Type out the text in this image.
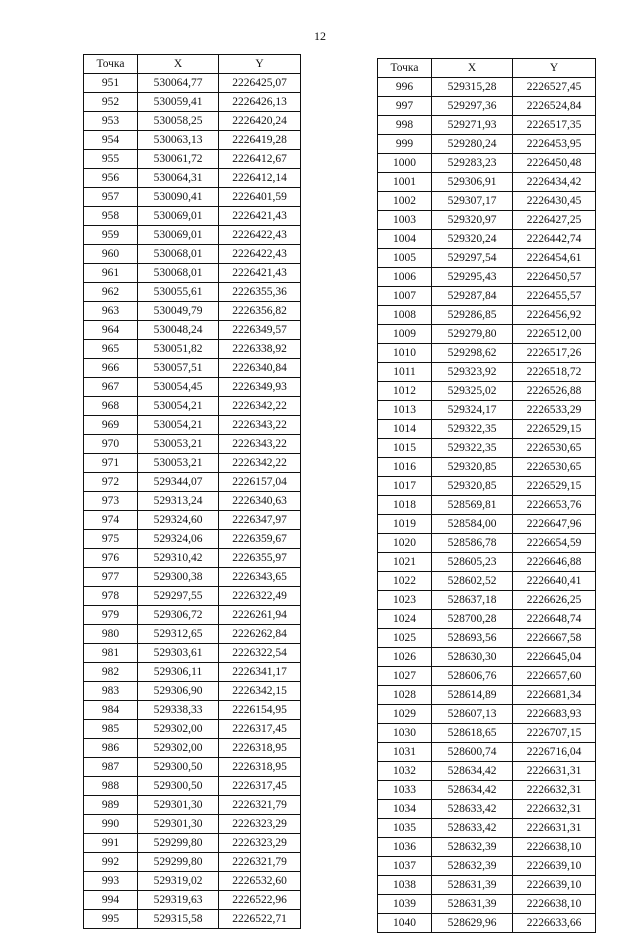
12
Точка	X	Y
951	530064,77	2226425,07
952	530059,41	2226426,13
953	530058,25	2226420,24
954	530063,13	2226419,28
955	530061,72	2226412,67
956	530064,31	2226412,14
957	530090,41	2226401,59
958	530069,01	2226421,43
959	530069,01	2226422,43
960	530068,01	2226422,43
961	530068,01	2226421,43
962	530055,61	2226355,36
963	530049,79	2226356,82
964	530048,24	2226349,57
965	530051,82	2226338,92
966	530057,51	2226340,84
967	530054,45	2226349,93
968	530054,21	2226342,22
969	530054,21	2226343,22
970	530053,21	2226343,22
971	530053,21	2226342,22
972	529344,07	2226157,04
973	529313,24	2226340,63
974	529324,60	2226347,97
975	529324,06	2226359,67
976	529310,42	2226355,97
977	529300,38	2226343,65
978	529297,55	2226322,49
979	529306,72	2226261,94
980	529312,65	2226262,84
981	529303,61	2226322,54
982	529306,11	2226341,17
983	529306,90	2226342,15
984	529338,33	2226154,95
985	529302,00	2226317,45
986	529302,00	2226318,95
987	529300,50	2226318,95
988	529300,50	2226317,45
989	529301,30	2226321,79
990	529301,30	2226323,29
991	529299,80	2226323,29
992	529299,80	2226321,79
993	529319,02	2226532,60
994	529319,63	2226522,96
995	529315,58	2226522,71
Точка	X	Y
996	529315,28	2226527,45
997	529297,36	2226524,84
998	529271,93	2226517,35
999	529280,24	2226453,95
1000	529283,23	2226450,48
1001	529306,91	2226434,42
1002	529307,17	2226430,45
1003	529320,97	2226427,25
1004	529320,24	2226442,74
1005	529297,54	2226454,61
1006	529295,43	2226450,57
1007	529287,84	2226455,57
1008	529286,85	2226456,92
1009	529279,80	2226512,00
1010	529298,62	2226517,26
1011	529323,92	2226518,72
1012	529325,02	2226526,88
1013	529324,17	2226533,29
1014	529322,35	2226529,15
1015	529322,35	2226530,65
1016	529320,85	2226530,65
1017	529320,85	2226529,15
1018	528569,81	2226653,76
1019	528584,00	2226647,96
1020	528586,78	2226654,59
1021	528605,23	2226646,88
1022	528602,52	2226640,41
1023	528637,18	2226626,25
1024	528700,28	2226648,74
1025	528693,56	2226667,58
1026	528630,30	2226645,04
1027	528606,76	2226657,60
1028	528614,89	2226681,34
1029	528607,13	2226683,93
1030	528618,65	2226707,15
1031	528600,74	2226716,04
1032	528634,42	2226631,31
1033	528634,42	2226632,31
1034	528633,42	2226632,31
1035	528633,42	2226631,31
1036	528632,39	2226638,10
1037	528632,39	2226639,10
1038	528631,39	2226639,10
1039	528631,39	2226638,10
1040	528629,96	2226633,66
